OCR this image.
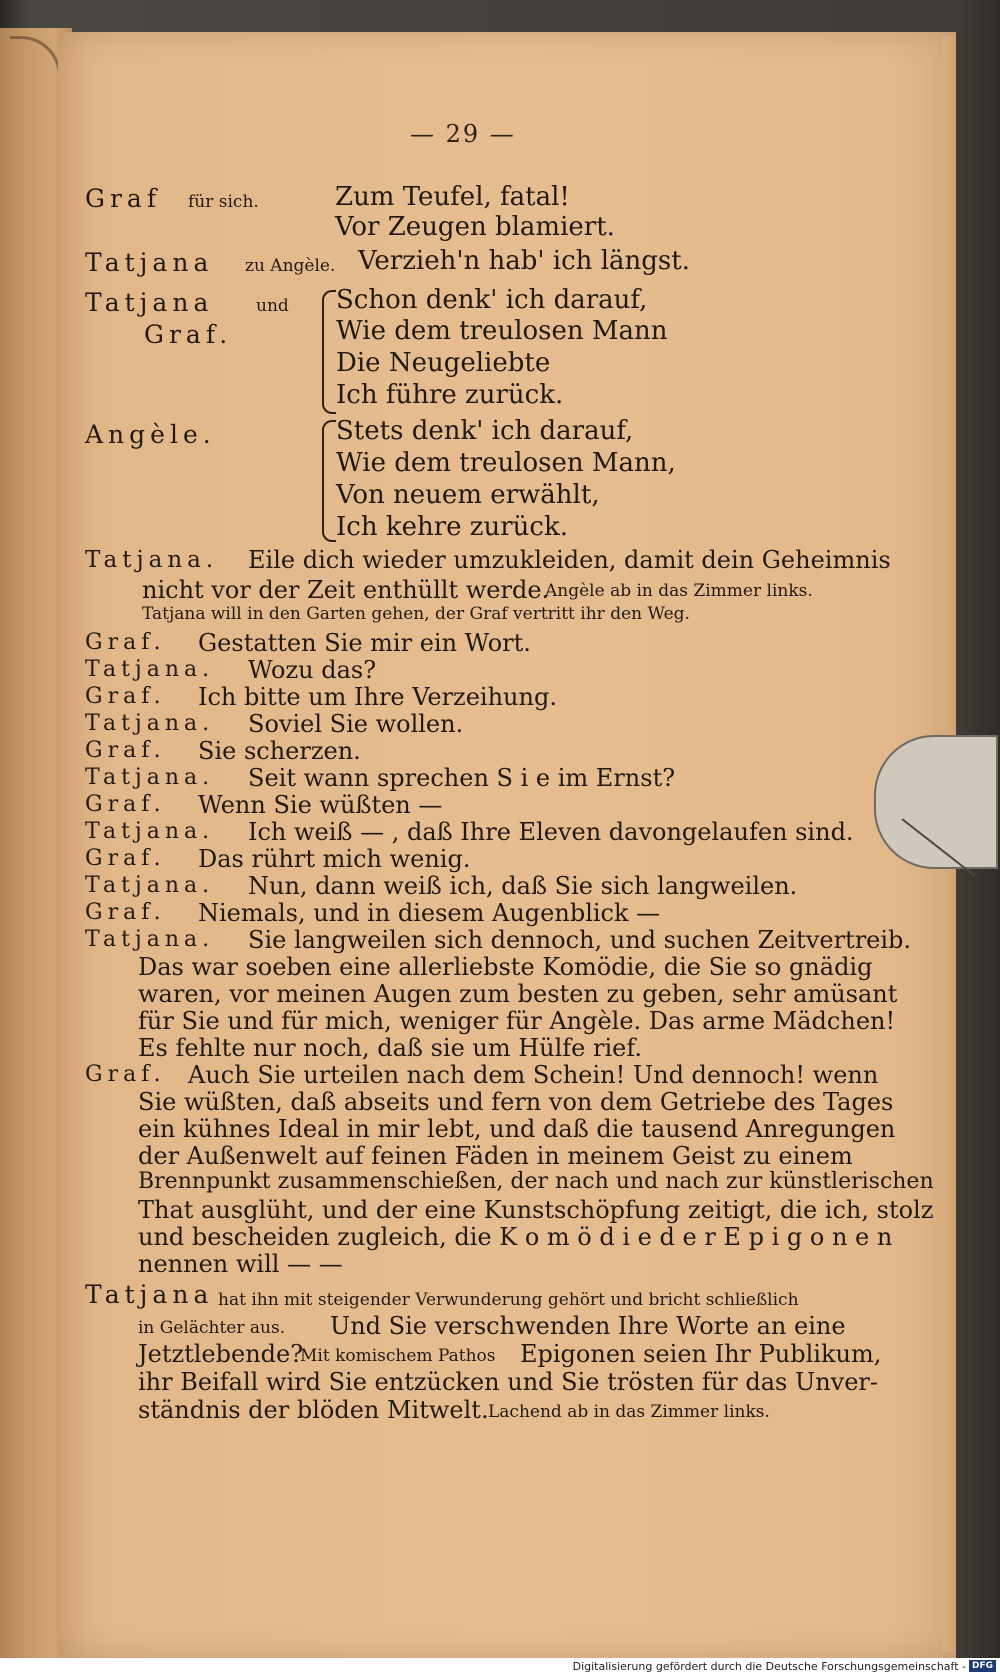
— 29 —
Graf für sich.	Zum Teufel, fatal!
Vor Zeugen blamiert.
Tatjana zu Angèle. Verzieh'n hab' ich längst.
Tatjana	und
Graf.
Schon denk' ich darauf,
Wie dem treulosen Mann
Die Neugeliebte
Ich führe zurück.
Angèle.	Stets denk' ich darauf,
Wie dem treulosen Mann,
Von neuem erwählt,
Ich kehre zurück.
Tatjana. Eile dich wieder umzukleiden, damit dein Geheimnis
nicht vor der Zeit enthüllt werde.
Angèle ab in das Zimmer links.
Tatjana will in den Garten gehen, der Graf vertritt ihr den Weg.
Graf. Gestatten Sie mir ein Wort.
Tatjana. Wozu das?
Graf. Ich bitte um Ihre Verzeihung.
Tatjana. Soviel Sie wollen.
Graf. Sie scherzen.
Tatjana. Seit wann sprechen S i e im Ernst?
Graf. Wenn Sie wüßten —
Tatjana. Ich weiß — , daß Ihre Eleven davongelaufen sind.
Graf. Das rührt mich wenig.
Tatjana. Nun, dann weiß ich, daß Sie sich langweilen.
Graf. Niemals, und in diesem Augenblick —
Tatjana. Sie langweilen sich dennoch, und suchen Zeitvertreib.
Das war soeben eine allerliebste Komödie, die Sie so gnädig
waren, vor meinen Augen zum besten zu geben, sehr amüsant
für Sie und für mich, weniger für Angèle. Das arme Mädchen!
Es fehlte nur noch, daß sie um Hülfe rief.
Graf. Auch Sie urteilen nach dem Schein! Und dennoch! wenn
Sie wüßten, daß abseits und fern von dem Getriebe des Tages
ein kühnes Ideal in mir lebt, und daß die tausend Anregungen
der Außenwelt auf feinen Fäden in meinem Geist zu einem
Brennpunkt zusammenschießen, der nach und nach zur künstlerischen
That ausglüht, und der eine Kunstschöpfung zeitigt, die ich, stolz
und bescheiden zugleich, die K o m ö d i e d e r E p i g o n e n
nennen will — —
Tatjana hat ihn mit steigender Verwunderung gehört und bricht schließlich
in Gelächter aus. Und Sie verschwenden Ihre Worte an eine
Jetztlebende?
Mit komischem Pathos Epigonen seien Ihr Publikum,
ihr Beifall wird Sie entzücken und Sie trösten für das Unver-
ständnis der blöden Mitwelt. Lachend ab in das Zimmer links.
Digitalisierung gefördert durch die Deutsche Forschungsgemeinschaft - DFG
